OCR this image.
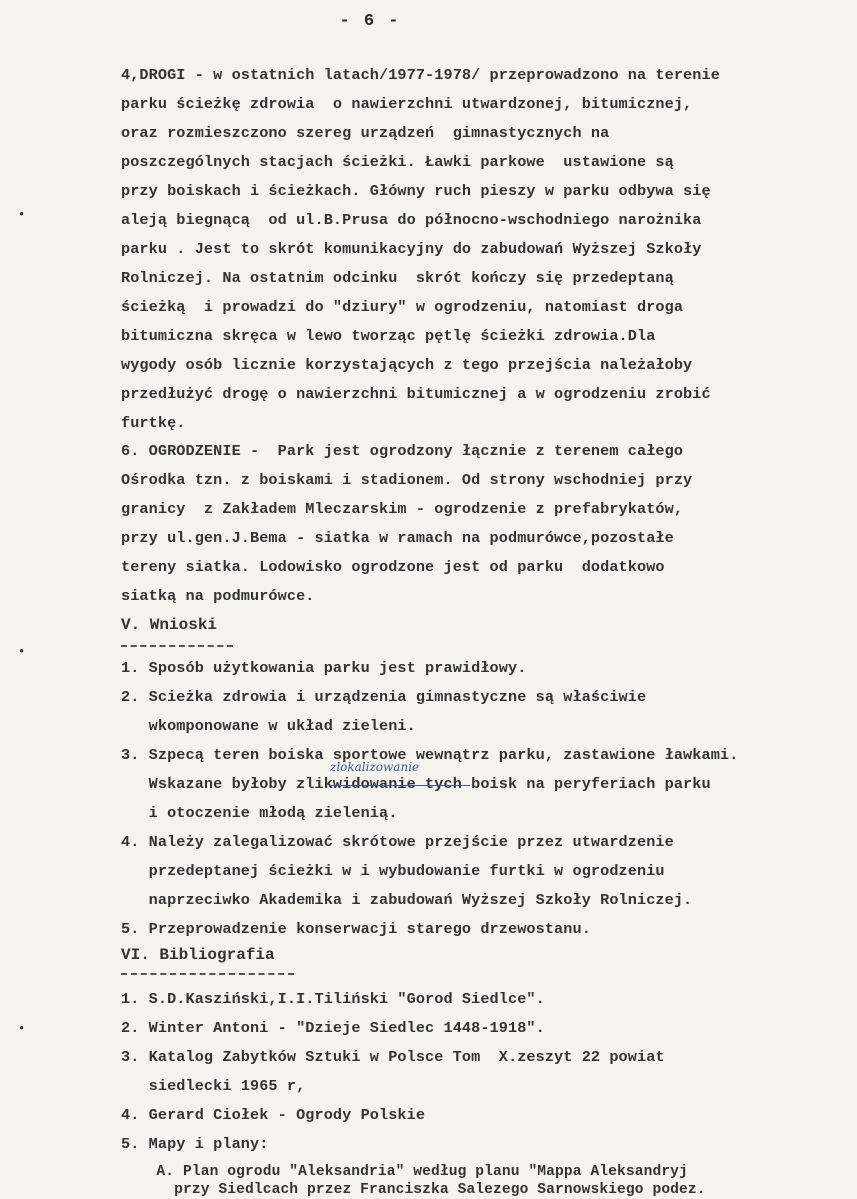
- 6 -
4,DROGI - w ostatnich latach/1977-1978/ przeprowadzono na terenie
parku ścieżkę zdrowia  o nawierzchni utwardzonej, bitumicznej,
oraz rozmieszczono szereg urządzeń  gimnastycznych na
poszczególnych stacjach ścieżki. Ławki parkowe  ustawione są
przy boiskach i ścieżkach. Główny ruch pieszy w parku odbywa się
aleją biegnącą  od ul.B.Prusa do północno-wschodniego narożnika
parku . Jest to skrót komunikacyjny do zabudowań Wyższej Szkoły
Rolniczej. Na ostatnim odcinku  skrót kończy się przedeptaną
ścieżką  i prowadzi do "dziury" w ogrodzeniu, natomiast droga
bitumiczna skręca w lewo tworząc pętlę ścieżki zdrowia.Dla
wygody osób licznie korzystających z tego przejścia należałoby
przedłużyć drogę o nawierzchni bitumicznej a w ogrodzeniu zrobić
furtkę.
6. OGRODZENIE -  Park jest ogrodzony łącznie z terenem całego
Ośrodka tzn. z boiskami i stadionem. Od strony wschodniej przy
granicy  z Zakładem Mleczarskim - ogrodzenie z prefabrykatów,
przy ul.gen.J.Bema - siatka w ramach na podmurówce,pozostałe
tereny siatka. Lodowisko ogrodzone jest od parku  dodatkowo
siatką na podmurówce.
V. Wnioski
1. Sposób użytkowania parku jest prawidłowy.
2. Scieżka zdrowia i urządzenia gimnastyczne są właściwie
wkomponowane w układ zieleni.
3. Szpecą teren boiska sportowe wewnątrz parku, zastawione ławkami.
Wskazane byłoby zlikwidowanie tych boisk na peryferiach parku
i otoczenie młodą zielenią.
4. Należy zalegalizować skrótowe przejście przez utwardzenie
przedeptanej ścieżki w i wybudowanie furtki w ogrodzeniu
naprzeciwko Akademika i zabudowań Wyższej Szkoły Rolniczej.
5. Przeprowadzenie konserwacji starego drzewostanu.
zlokalizowanie
VI. Bibliografia
1. S.D.Kasziński,I.I.Tiliński "Gorod Siedlce".
2. Winter Antoni - "Dzieje Siedlec 1448-1918".
3. Katalog Zabytków Sztuki w Polsce Tom  X.zeszyt 22 powiat
siedlecki 1965 r,
4. Gerard Ciołek - Ogrody Polskie
5. Mapy i plany:
A. Plan ogrodu "Aleksandria" według planu "Mappa Aleksandryj
przy Siedlcach przez Franciszka Salezego Sarnowskiego podez.
•
•
•
